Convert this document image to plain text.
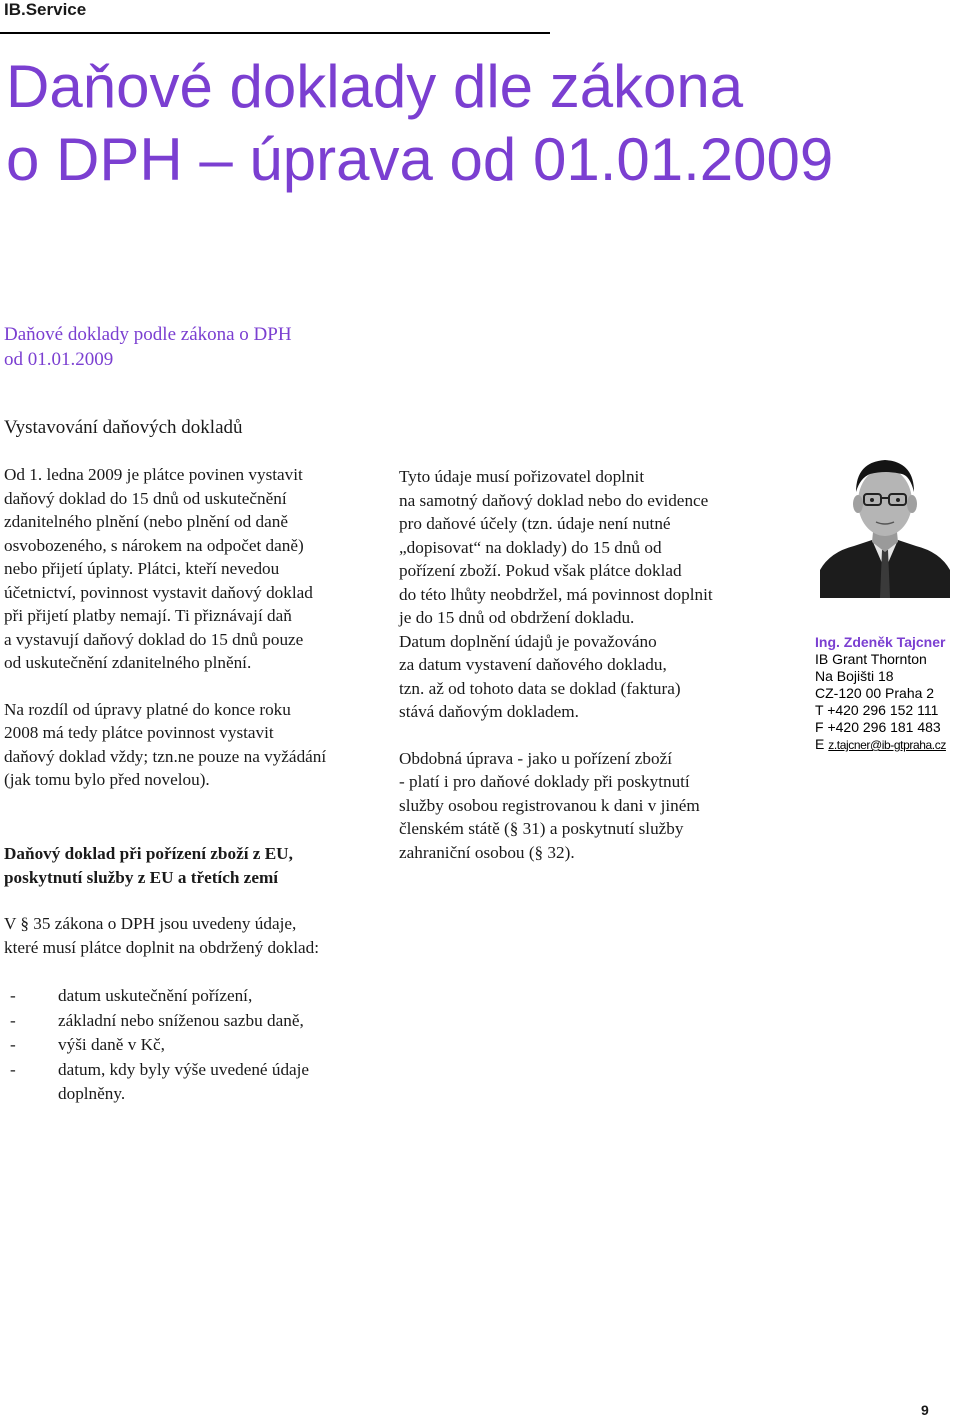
IB.Service
Daňové doklady dle zákona
o DPH – úprava od 01.01.2009
Daňové doklady podle zákona o DPH
od 01.01.2009
Vystavování daňových dokladů

Od 1. ledna 2009 je plátce povinen vystavit
daňový doklad do 15 dnů od uskutečnění
zdanitelného plnění (nebo plnění od daně
osvobozeného, s nárokem na odpočet daně)
nebo přijetí úplaty. Plátci, kteří nevedou
účetnictví, povinnost vystavit daňový doklad
při přijetí platby nemají. Ti přiznávají daň
a vystavují daňový doklad do 15 dnů pouze
od uskutečnění zdanitelného plnění.

Na rozdíl od úpravy platné do konce roku
2008 má tedy plátce povinnost vystavit
daňový doklad vždy; tzn.ne pouze na vyžádání
(jak tomu bylo před novelou).

Daňový doklad při pořízení zboží z EU,
poskytnutí služby z EU a třetích zemí

Tyto údaje musí pořizovatel doplnit
na samotný daňový doklad nebo do evidence
pro daňové účely (tzn. údaje není nutné
„dopisovat“ na doklady) do 15 dnů od
pořízení zboží. Pokud však plátce doklad
do této lhůty neobdržel, má povinnost doplnit
je do 15 dnů od obdržení dokladu.
Datum doplnění údajů je považováno
za datum vystavení daňového dokladu,
tzn. až od tohoto data se doklad (faktura)
stává daňovým dokladem.

Obdobná úprava - jako u pořízení zboží
- platí i pro daňové doklady při poskytnutí
služby osobou registrovanou k dani v jiném
členském státě (§ 31) a poskytnutí služby
zahraniční osobou (§ 32).

V § 35 zákona o DPH jsou uvedeny údaje,
které musí plátce doplnit na obdržený doklad:
- datum uskutečnění pořízení,
- základní nebo sníženou sazbu daně,
- výši daně v Kč,
- datum, kdy byly výše uvedené údaje
doplněny.
Ing. Zdeněk Tajcner
IB Grant Thornton
Na Bojišti 18
CZ-120 00 Praha 2
T +420 296 152 111
F +420 296 181 483
E z.tajcner@ib-gtpraha.cz
9
